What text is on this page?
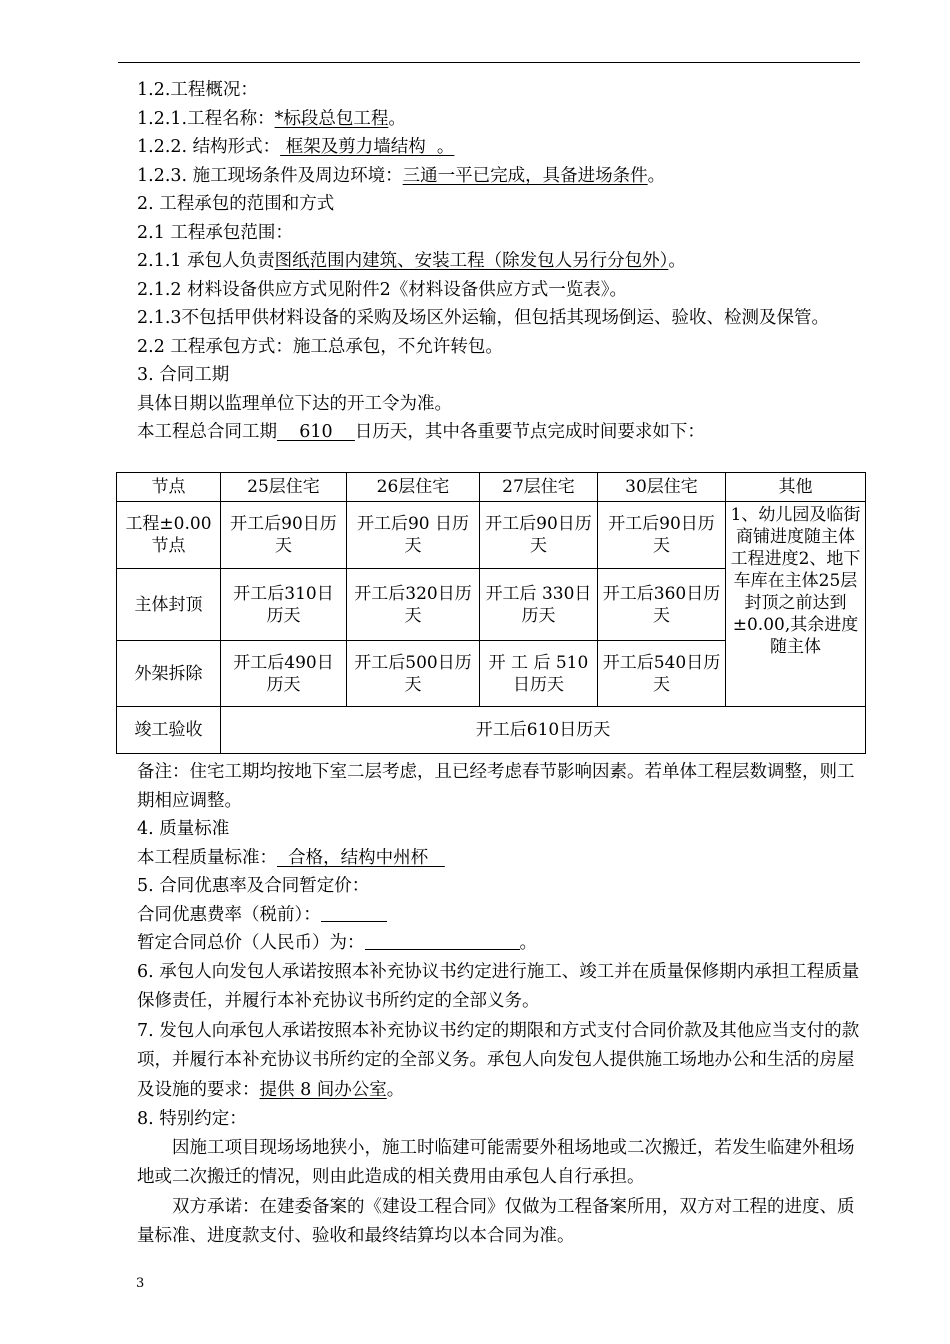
1.2.工程概况：
1.2.1.工程名称：*标段总包工程。
1.2.2. 结构形式： 框架及剪力墙结构  。
1.2.3. 施工现场条件及周边环境：三通一平已完成，具备进场条件。
2. 工程承包的范围和方式
2.1 工程承包范围：
2.1.1 承包人负责图纸范围内建筑、安装工程（除发包人另行分包外）。
2.1.2 材料设备供应方式见附件2《材料设备供应方式一览表》。
2.1.3不包括甲供材料设备的采购及场区外运输，但包括其现场倒运、验收、检测及保管。
2.2 工程承包方式：施工总承包，不允许转包。
3. 合同工期
具体日期以监理单位下达的开工令为准。
本工程总合同工期    610    日历天，其中各重要节点完成时间要求如下：
节点	25层住宅	26层住宅	27层住宅	30层住宅	其他
工程±0.00节点	开工后90日历天	开工后90 日历天	开工后90日历天	开工后90日历天	1、幼儿园及临街商铺进度随主体工程进度2、地下车库在主体25层封顶之前达到±0.00,其余进度随主体
主体封顶	开工后310日历天	开工后320日历天	开工后 330日历天	开工后360日历天	
外架拆除	开工后490日历天	开工后500日历天	开 工 后 510日历天	开工后540日历天	
竣工验收	开工后610日历天				
备注：住宅工期均按地下室二层考虑，且已经考虑春节影响因素。若单体工程层数调整，则工期相应调整。
4. 质量标准
本工程质量标准：  合格，结构中州杯
5. 合同优惠率及合同暂定价：
合同优惠费率（税前）：
暂定合同总价（人民币）为：	。
6. 承包人向发包人承诺按照本补充协议书约定进行施工、竣工并在质量保修期内承担工程质量保修责任，并履行本补充协议书所约定的全部义务。
7. 发包人向承包人承诺按照本补充协议书约定的期限和方式支付合同价款及其他应当支付的款项，并履行本补充协议书所约定的全部义务。承包人向发包人提供施工场地办公和生活的房屋及设施的要求：提供 8 间办公室。
8. 特别约定：
因施工项目现场场地狭小，施工时临建可能需要外租场地或二次搬迁，若发生临建外租场地或二次搬迁的情况，则由此造成的相关费用由承包人自行承担。
双方承诺：在建委备案的《建设工程合同》仅做为工程备案所用，双方对工程的进度、质量标准、进度款支付、验收和最终结算均以本合同为准。
3
